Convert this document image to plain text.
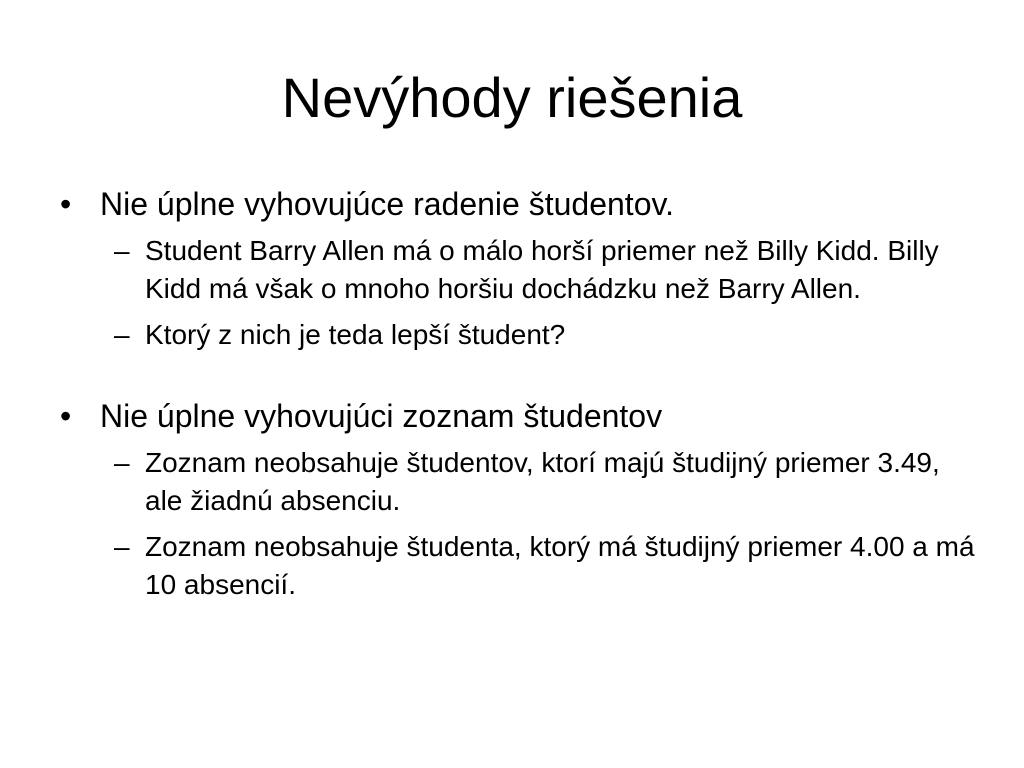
Nevýhody riešenia
• Nie úplne vyhovujúce radenie študentov.
– Student Barry Allen má o málo horší priemer než Billy Kidd. Billy Kidd má však o mnoho horšiu dochádzku než Barry Allen.
– Ktorý z nich je teda lepší študent?
• Nie úplne vyhovujúci zoznam študentov
– Zoznam neobsahuje študentov, ktorí majú študijný priemer 3.49, ale žiadnú absenciu.
– Zoznam neobsahuje študenta, ktorý má študijný priemer 4.00 a má 10 absencií.
